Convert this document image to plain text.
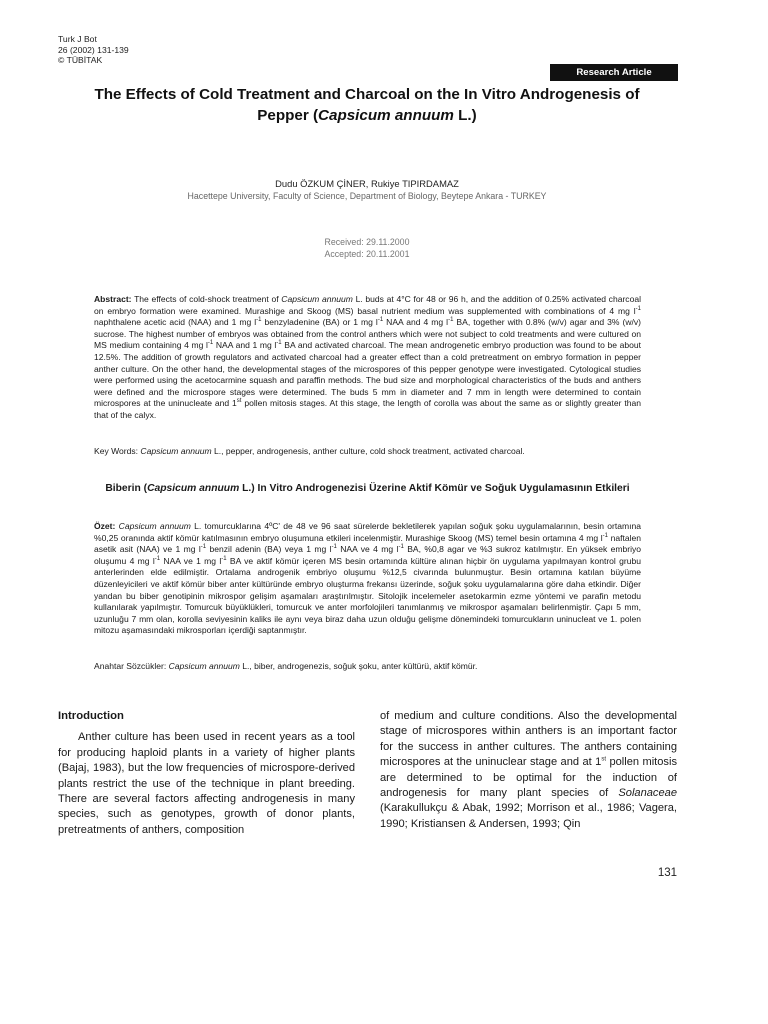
Turk J Bot
26 (2002) 131-139
© TÜBİTAK
Research Article
The Effects of Cold Treatment and Charcoal on the In Vitro Androgenesis of Pepper (Capsicum annuum L.)
Dudu ÖZKUM ÇİNER, Rukiye TIPIRDAMAZ
Hacettepe University, Faculty of Science, Department of Biology, Beytepe Ankara - TURKEY
Received: 29.11.2000
Accepted: 20.11.2001
Abstract: The effects of cold-shock treatment of Capsicum annuum L. buds at 4°C for 48 or 96 h, and the addition of 0.25% activated charcoal on embryo formation were examined. Murashige and Skoog (MS) basal nutrient medium was supplemented with combinations of 4 mg $l^{-1}$ naphthalene acetic acid (NAA) and 1 mg $l^{-1}$ benzyladenine (BA) or 1 mg $l^{-1}$ NAA and 4 mg $l^{-1}$ BA, together with 0.8% (w/v) agar and 3% (w/v) sucrose. The highest number of embryos was obtained from the control anthers which were not subject to cold treatments and were cultured on MS medium containing 4 mg $l^{-1}$ NAA and 1 mg $l^{-1}$ BA and activated charcoal. The mean androgenetic embryo production was found to be about 12.5%. The addition of growth regulators and activated charcoal had a greater effect than a cold pretreatment on embryo formation in pepper anther culture. On the other hand, the developmental stages of the microspores of this pepper genotype were investigated. Cytological studies were performed using the acetocarmine squash and paraffin methods. The bud size and morphological characteristics of the buds and anthers were defined and the microspore stages were determined. The buds 5 mm in diameter and 7 mm in length were determined to contain microspores at the uninucleate and 1st pollen mitosis stages. At this stage, the length of corolla was about the same as or slightly greater than that of the calyx.
Key Words: Capsicum annuum L., pepper, androgenesis, anther culture, cold shock treatment, activated charcoal.
Biberin (Capsicum annuum L.) In Vitro Androgenezisi Üzerine Aktif Kömür ve Soğuk Uygulamasının Etkileri
Özet: Capsicum annuum L. tomurcuklarına 4ºC' de 48 ve 96 saat sürelerde bekletilerek yapılan soğuk şoku uygulamalarının, besin ortamına %0,25 oranında aktif kömür katılmasının embryo oluşumuna etkileri incelenmiştir. Murashige Skoog (MS) temel besin ortamına 4 mg $l^{-1}$ naftalen asetik asit (NAA) ve 1 mg $l^{-1}$ benzil adenin (BA) veya 1 mg $l^{-1}$ NAA ve 4 mg $l^{-1}$ BA, %0,8 agar ve %3 sukroz katılmıştır. En yüksek embriyo oluşumu 4 mg $l^{-1}$ NAA ve 1 mg $l^{-1}$ BA ve aktif kömür içeren MS besin ortamında kültüre alınan hiçbir ön uygulama yapılmayan kontrol grubu anterlerinden elde edilmiştir. Ortalama androgenik embriyo oluşumu %12,5 civarında bulunmuştur. Besin ortamına katılan büyüme düzenleyicileri ve aktif kömür biber anter kültüründe embryo oluşturma frekansı üzerinde, soğuk şoku uygulamalarına göre daha etkindir. Diğer yandan bu biber genotipinin mikrospor gelişim aşamaları araştırılmıştır. Sitolojik incelemeler asetokarmin ezme yöntemi ve parafin metodu kullanılarak yapılmıştır. Tomurcuk büyüklükleri, tomurcuk ve anter morfolojileri tanımlanmış ve mikrospor aşamaları belirlenmiştir. Çapı 5 mm, uzunluğu 7 mm olan, korolla seviyesinin kaliks ile aynı veya biraz daha uzun olduğu gelişme dönemindeki tomurcukların uninucleat ve 1. polen mitozu aşamasındaki mikrosporları içerdiği saptanmıştır.
Anahtar Sözcükler: Capsicum annuum L., biber, androgenezis, soğuk şoku, anter kültürü, aktif kömür.
Introduction

Anther culture has been used in recent years as a tool for producing haploid plants in a variety of higher plants (Bajaj, 1983), but the low frequencies of microspore-derived plants restrict the use of the technique in plant breeding. There are several factors affecting androgenesis in many species, such as genotypes, growth of donor plants, pretreatments of anthers, composition

of medium and culture conditions. Also the developmental stage of microspores within anthers is an important factor for the success in anther cultures. The anthers containing microspores at the uninuclear stage and at 1st pollen mitosis are determined to be optimal for the induction of androgenesis for many plant species of Solanaceae (Karakullukçu & Abak, 1992; Morrison et al., 1986; Vagera, 1990; Kristiansen & Andersen, 1993; Qin

131
